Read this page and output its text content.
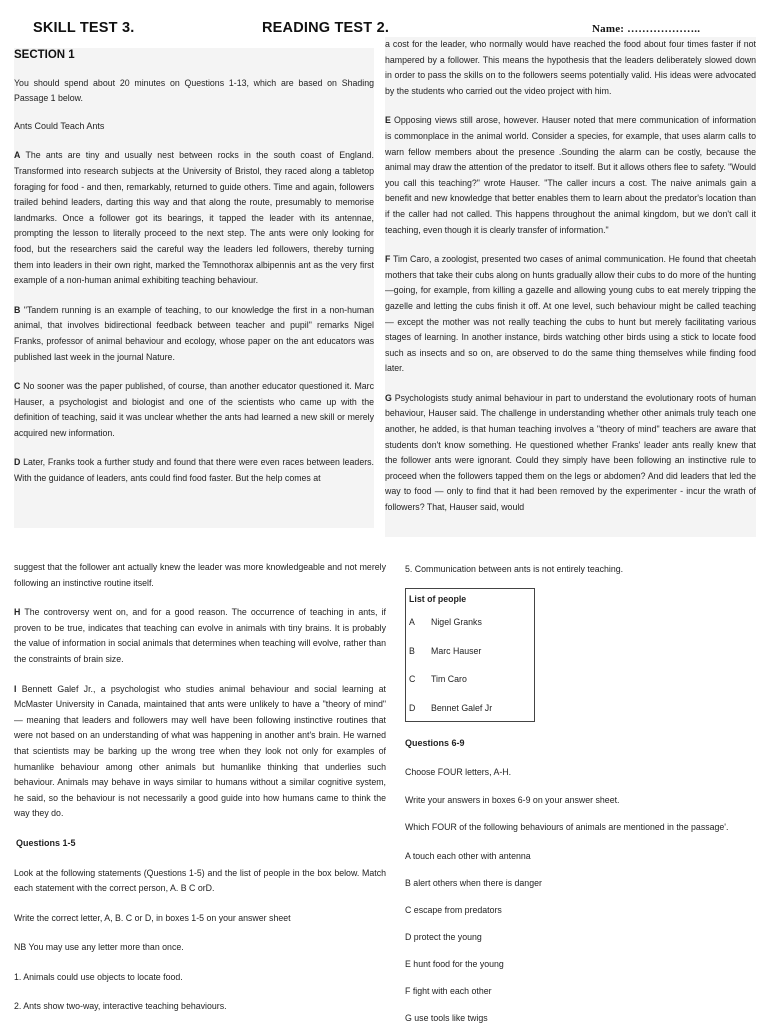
SKILL TEST 3.	READING TEST 2.	Name: ………………..

SECTION 1

You should spend about 20 minutes on Questions 1-13, which are based on Shading Passage 1 below.

Ants Could Teach Ants

A The ants are tiny and usually nest between rocks in the south coast of England. Transformed into research subjects at the University of Bristol, they raced along a tabletop foraging for food - and then, remarkably, returned to guide others. Time and again, followers trailed behind leaders, darting this way and that along the route, presumably to memorise landmarks. Once a follower got its bearings, it tapped the leader with its antennae, prompting the lesson to literally proceed to the next step. The ants were only looking for food, but the researchers said the careful way the leaders led followers, thereby turning them into leaders in their own right, marked the Temnothorax albipennis ant as the very first example of a non-human animal exhibiting teaching behaviour.

B "Tandem running is an example of teaching, to our knowledge the first in a non-human animal, that involves bidirectional feedback between teacher and pupil" remarks Nigel Franks, professor of animal behaviour and ecology, whose paper on the ant educators was published last week in the journal Nature.

C No sooner was the paper published, of course, than another educator questioned it. Marc Hauser, a psychologist and biologist and one of the scientists who came up with the definition of teaching, said it was unclear whether the ants had learned a new skill or merely acquired new information.

D Later, Franks took a further study and found that there were even races between leaders. With the guidance of leaders, ants could find food faster. But the help comes at

a cost for the leader, who normally would have reached the food about four times faster if not hampered by a follower. This means the hypothesis that the leaders deliberately slowed down in order to pass the skills on to the followers seems potentially valid. His ideas were advocated by the students who carried out the video project with him.

E Opposing views still arose, however. Hauser noted that mere communication of information is commonplace in the animal world. Consider a species, for example, that uses alarm calls to warn fellow members about the presence .Sounding the alarm can be costly, because the animal may draw the attention of the predator to itself. But it allows others flee to safety. "Would you call this teaching?" wrote Hauser. "The caller incurs a cost. The naive animals gain a benefit and new knowledge that better enables them to learn about the predator's location than if the caller had not called. This happens throughout the animal kingdom, but we don't call it teaching, even though it is clearly transfer of information."

F Tim Caro, a zoologist, presented two cases of animal communication. He found that cheetah mothers that take their cubs along on hunts gradually allow their cubs to do more of the hunting —going, for example, from killing a gazelle and allowing young cubs to eat merely tripping the gazelle and letting the cubs finish it off. At one level, such behaviour might be called teaching — except the mother was not really teaching the cubs to hunt but merely facilitating various stages of learning. In another instance, birds watching other birds using a stick to locate food such as insects and so on, are observed to do the same thing themselves while finding food later.

G Psychologists study animal behaviour in part to understand the evolutionary roots of human behaviour, Hauser said. The challenge in understanding whether other animals truly teach one another, he added, is that human teaching involves a "theory of mind" teachers are aware that students don't know something. He questioned whether Franks' leader ants really knew that the follower ants were ignorant. Could they simply have been following an instinctive rule to proceed when the followers tapped them on the legs or abdomen? And did leaders that led the way to food — only to find that it had been removed by the experimenter - incur the wrath of followers? That, Hauser said, would

suggest that the follower ant actually knew the leader was more knowledgeable and not merely following an instinctive routine itself.

H The controversy went on, and for a good reason. The occurrence of teaching in ants, if proven to be true, indicates that teaching can evolve in animals with tiny brains. It is probably the value of information in social animals that determines when teaching will evolve, rather than the constraints of brain size.

I Bennett Galef Jr., a psychologist who studies animal behaviour and social learning at McMaster University in Canada, maintained that ants were unlikely to have a "theory of mind" — meaning that leaders and followers may well have been following instinctive routines that were not based on an understanding of what was happening in another ant's brain. He warned that scientists may be barking up the wrong tree when they look not only for examples of humanlike behaviour among other animals but humanlike thinking that underlies such behaviour. Animals may behave in ways similar to humans without a similar cognitive system, he said, so the behaviour is not necessarily a good guide into how humans came to think the way they do.

Questions 1-5

Look at the following statements (Questions 1-5) and the list of people in the box below. Match each statement with the correct person, A. B C orD.

Write the correct letter, A, B. C or D, in boxes 1-5 on your answer sheet

NB You may use any letter more than once.

1. Animals could use objects to locate food.

2. Ants show two-way, interactive teaching behaviours.

5. Communication between ants is not entirely teaching.

List of people
A	Nigel Granks
B	Marc Hauser
C	Tim Caro
D	Bennet Galef Jr

Questions 6-9

Choose FOUR letters, A-H.

Write your answers in boxes 6-9 on your answer sheet.

Which FOUR of the following behaviours of animals are mentioned in the passage'.

A touch each other with antenna

B alert others when there is danger

C escape from predators

D protect the young

E hunt food for the young

F fight with each other

G use tools like twigs
